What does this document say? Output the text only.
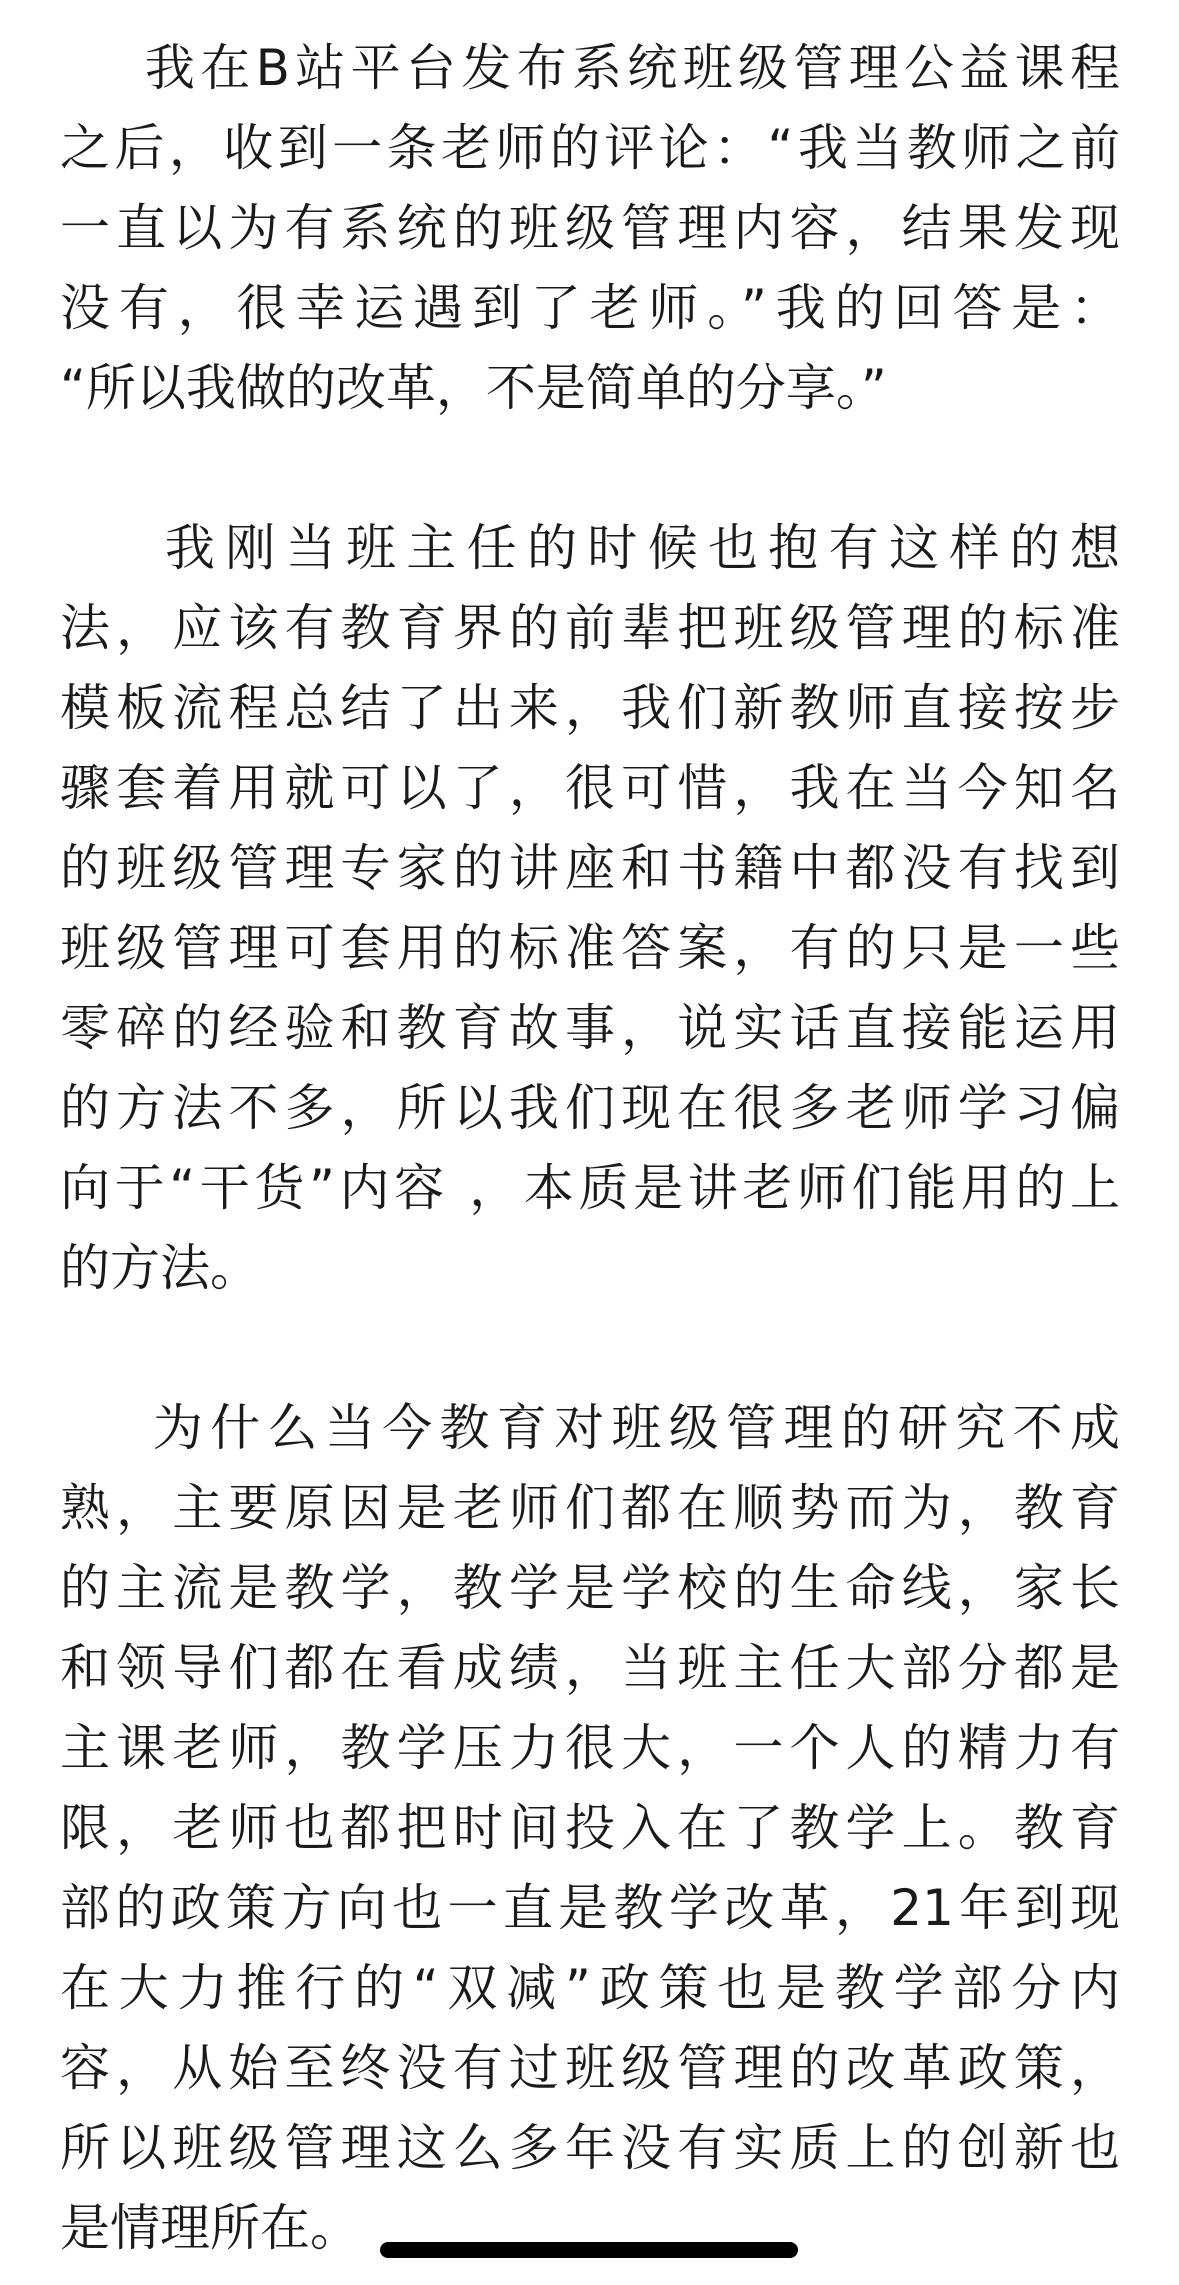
我在B站平台发布系统班级管理公益课程
之后，收到一条老师的评论：“我当教师之前
一直以为有系统的班级管理内容，结果发现
没有，很幸运遇到了老师。”我的回答是：
“所以我做的改革，不是简单的分享。”
我刚当班主任的时候也抱有这样的想
法，应该有教育界的前辈把班级管理的标准
模板流程总结了出来，我们新教师直接按步
骤套着用就可以了，很可惜，我在当今知名
的班级管理专家的讲座和书籍中都没有找到
班级管理可套用的标准答案，有的只是一些
零碎的经验和教育故事，说实话直接能运用
的方法不多，所以我们现在很多老师学习偏
向于“干货”内容 ，本质是讲老师们能用的上
的方法。
为什么当今教育对班级管理的研究不成
熟，主要原因是老师们都在顺势而为，教育
的主流是教学，教学是学校的生命线，家长
和领导们都在看成绩，当班主任大部分都是
主课老师，教学压力很大，一个人的精力有
限，老师也都把时间投入在了教学上。教育
部的政策方向也一直是教学改革，21年到现
在大力推行的“双减”政策也是教学部分内
容，从始至终没有过班级管理的改革政策，
所以班级管理这么多年没有实质上的创新也
是情理所在。
